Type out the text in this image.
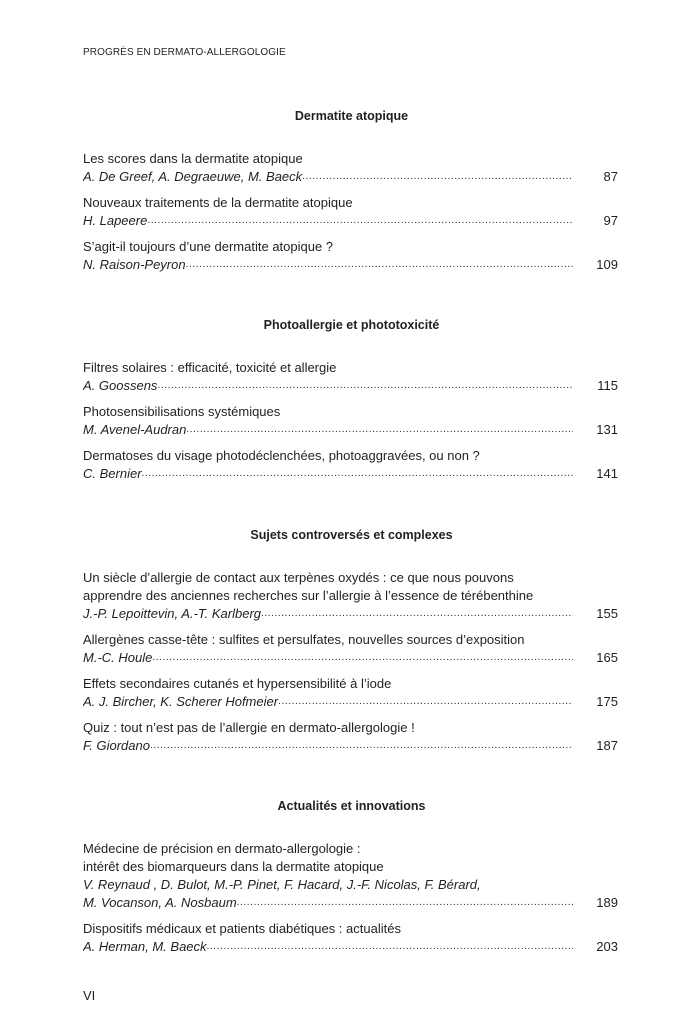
PROGRÈS EN DERMATO-ALLERGOLOGIE
Dermatite atopique
Les scores dans la dermatite atopique
A. De Greef, A. Degraeuwe, M. Baeck .....	87
Nouveaux traitements de la dermatite atopique
H. Lapeere .....	97
S’agit-il toujours d’une dermatite atopique ?
N. Raison-Peyron .....	109
Photoallergie et phototoxicité
Filtres solaires : efficacité, toxicité et allergie
A. Goossens .....	115
Photosensibilisations systémiques
M. Avenel-Audran .....	131
Dermatoses du visage photodéclenchées, photoaggravées, ou non ?
C. Bernier .....	141
Sujets controversés et complexes
Un siècle d’allergie de contact aux terpènes oxydés : ce que nous pouvons
apprendre des anciennes recherches sur l’allergie à l’essence de térébenthine
J.-P. Lepoittevin, A.-T. Karlberg .....	155
Allergènes casse-tête : sulfites et persulfates, nouvelles sources d’exposition
M.-C. Houle .....	165
Effets secondaires cutanés et hypersensibilité à l’iode
A. J. Bircher, K. Scherer Hofmeier .....	175
Quiz : tout n’est pas de l’allergie en dermato-allergologie !
F. Giordano .....	187
Actualités et innovations
Médecine de précision en dermato-allergologie :
intérêt des biomarqueurs dans la dermatite atopique
V. Reynaud , D. Bulot, M.-P. Pinet, F. Hacard, J.-F. Nicolas, F. Bérard,
M. Vocanson, A. Nosbaum .....	189
Dispositifs médicaux et patients diabétiques : actualités
A. Herman, M. Baeck .....	203
VI
